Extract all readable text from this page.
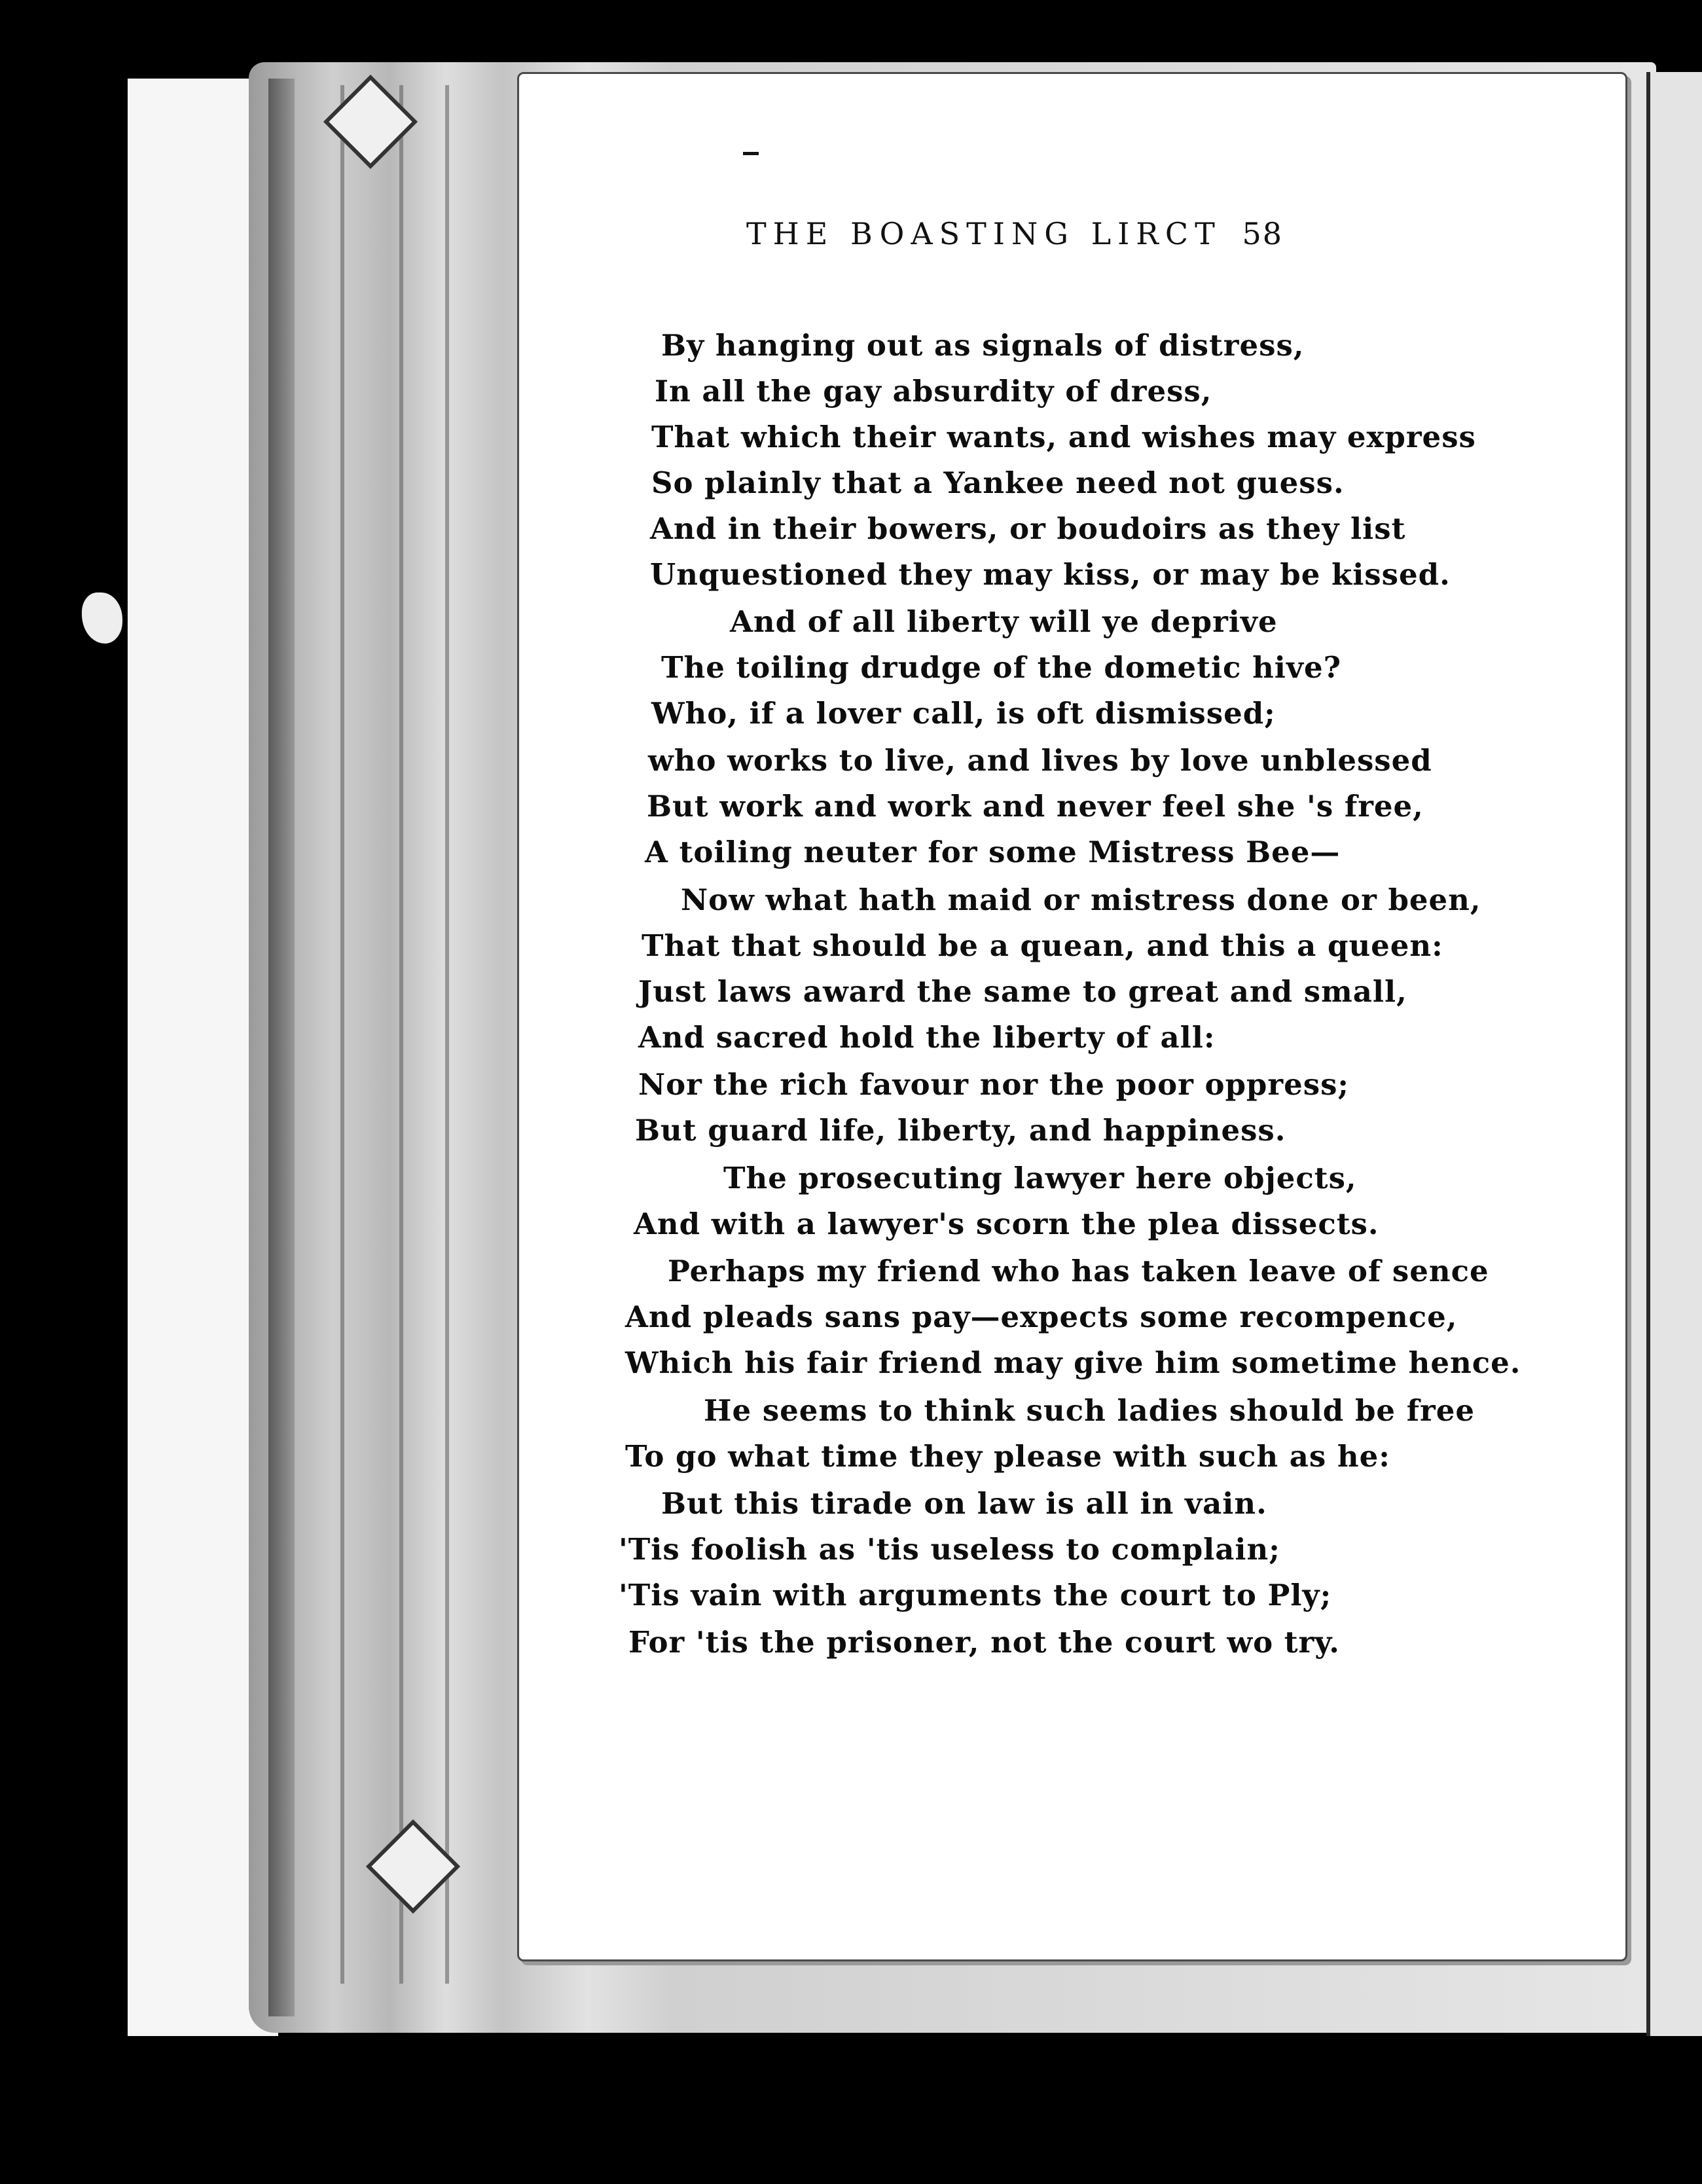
THE BOASTING LIRCT 58
By hanging out as signals of distress,
In all the gay absurdity of dress,
That which their wants, and wishes may express
So plainly that a Yankee need not guess.
And in their bowers, or boudoirs as they list
Unquestioned they may kiss, or may be kissed.
And of all liberty will ye deprive
The toiling drudge of the dometic hive?
Who, if a lover call, is oft dismissed;
who works to live, and lives by love unblessed
But work and work and never feel she 's free,
A toiling neuter for some Mistress Bee—
Now what hath maid or mistress done or been,
That that should be a quean, and this a queen:
Just laws award the same to great and small,
And sacred hold the liberty of all:
Nor the rich favour nor the poor oppress;
But guard life, liberty, and happiness.
The prosecuting lawyer here objects,
And with a lawyer's scorn the plea dissects.
Perhaps my friend who has taken leave of sence
And pleads sans pay—expects some recompence,
Which his fair friend may give him sometime hence.
He seems to think such ladies should be free
To go what time they please with such as he:
But this tirade on law is all in vain.
'Tis foolish as 'tis useless to complain;
'Tis vain with arguments the court to Ply;
For 'tis the prisoner, not the court wo try.
